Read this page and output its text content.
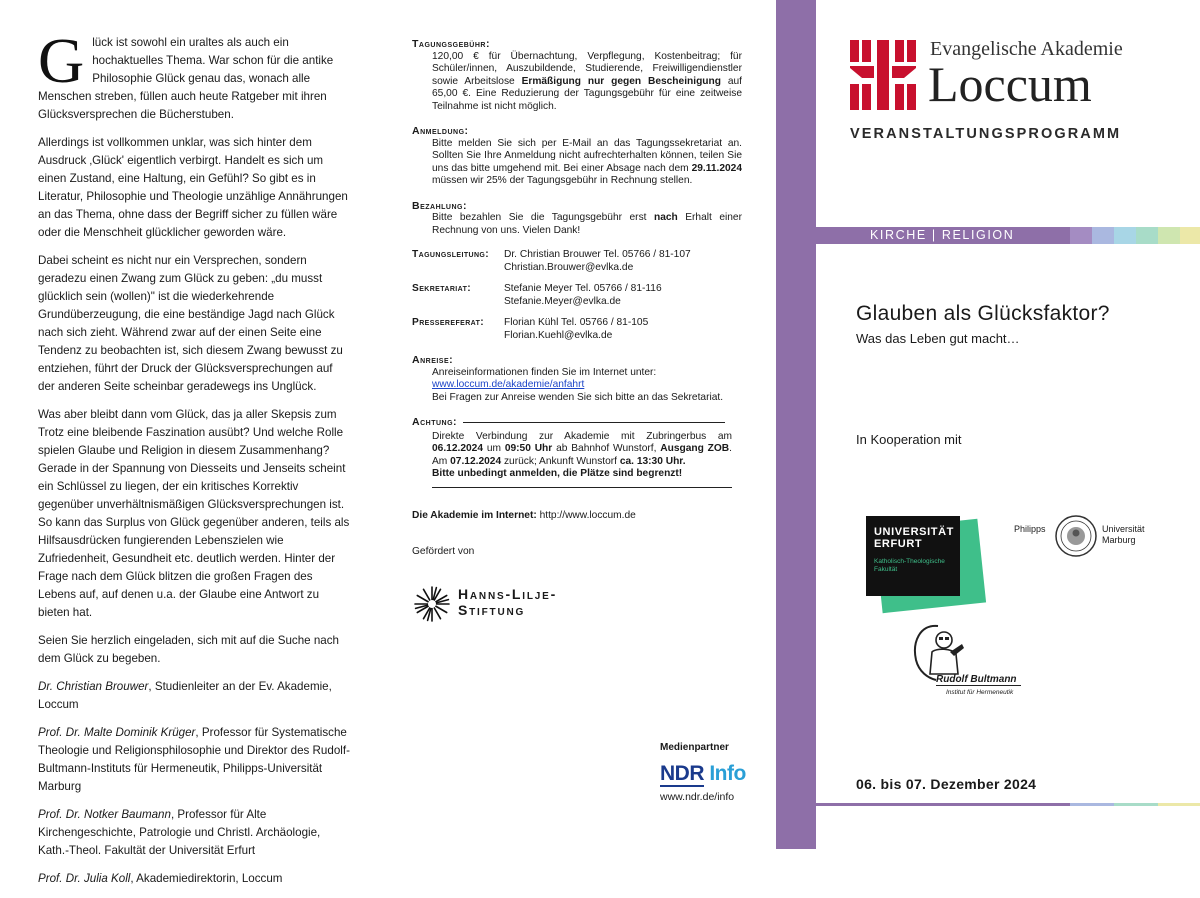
G lück ist sowohl ein uraltes als auch ein hochaktuelles Thema. War schon für die antike Philosophie Glück genau das, wonach alle Menschen streben, füllen auch heute Ratgeber mit ihren Glücksversprechen die Bücherstuben.

Allerdings ist vollkommen unklar, was sich hinter dem Ausdruck ‚Glück' eigentlich verbirgt. Handelt es sich um einen Zustand, eine Haltung, ein Gefühl? So gibt es in Literatur, Philosophie und Theologie unzählige Annährungen an das Thema, ohne dass der Begriff sicher zu füllen wäre oder die Menschheit glücklicher geworden wäre.

Dabei scheint es nicht nur ein Versprechen, sondern geradezu einen Zwang zum Glück zu geben: „du musst glücklich sein (wollen)" ist die wiederkehrende Grundüberzeugung, die eine beständige Jagd nach Glück nach sich zieht. Während zwar auf der einen Seite eine Tendenz zu beobachten ist, sich diesem Zwang bewusst zu entziehen, führt der Druck der Glücksversprechungen auf der anderen Seite scheinbar geradewegs ins Unglück.

Was aber bleibt dann vom Glück, das ja aller Skepsis zum Trotz eine bleibende Faszination ausübt? Und welche Rolle spielen Glaube und Religion in diesem Zusammenhang? Gerade in der Spannung von Diesseits und Jenseits scheint ein Schlüssel zu liegen, der ein kritisches Korrektiv gegenüber unverhältnismäßigen Glücksversprechungen ist. So kann das Surplus von Glück gegenüber anderen, teils als Hilfsausdrücken fungierenden Lebenszielen wie Zufriedenheit, Gesundheit etc. deutlich werden. Hinter der Frage nach dem Glück blitzen die großen Fragen des Lebens auf, auf denen u.a. der Glaube eine Antwort zu bieten hat.

Seien Sie herzlich eingeladen, sich mit auf die Suche nach dem Glück zu begeben.

Dr. Christian Brouwer, Studienleiter an der Ev. Akademie, Loccum

Prof. Dr. Malte Dominik Krüger, Professor für Systematische Theologie und Religionsphilosophie und Direktor des Rudolf-Bultmann-Instituts für Hermeneutik, Philipps-Universität Marburg

Prof. Dr. Notker Baumann, Professor für Alte Kirchengeschichte, Patrologie und Christl. Archäologie, Kath.-Theol. Fakultät der Universität Erfurt

Prof. Dr. Julia Koll, Akademiedirektorin, Loccum

Tagungsgebühr:
120,00 € für Übernachtung, Verpflegung, Kostenbeitrag; für Schüler/innen, Auszubildende, Studierende, Freiwilligendienstler sowie Arbeitslose Ermäßigung nur gegen Bescheinigung auf 65,00 €. Eine Reduzierung der Tagungsgebühr für eine zeitweise Teilnahme ist nicht möglich.
Anmeldung:
Bitte melden Sie sich per E-Mail an das Tagungssekretariat an. Sollten Sie Ihre Anmeldung nicht aufrechterhalten können, teilen Sie uns das bitte umgehend mit. Bei einer Absage nach dem 29.11.2024 müssen wir 25% der Tagungsgebühr in Rechnung stellen.
Bezahlung:
Bitte bezahlen Sie die Tagungsgebühr erst nach Erhalt einer Rechnung von uns. Vielen Dank!
Tagungsleitung:	Dr. Christian Brouwer Tel. 05766 / 81-107
Christian.Brouwer@evlka.de
Sekretariat:	Stefanie Meyer Tel. 05766 / 81-116
Stefanie.Meyer@evlka.de
Pressereferat:	Florian Kühl Tel. 05766 / 81-105
Florian.Kuehl@evlka.de
Anreise:
Anreiseinformationen finden Sie im Internet unter:
www.loccum.de/akademie/anfahrt
Bei Fragen zur Anreise wenden Sie sich bitte an das Sekretariat.
Achtung:
Direkte Verbindung zur Akademie mit Zubringerbus am 06.12.2024 um 09:50 Uhr ab Bahnhof Wunstorf, Ausgang ZOB. Am 07.12.2024 zurück; Ankunft Wunstorf ca. 13:30 Uhr.
Bitte unbedingt anmelden, die Plätze sind begrenzt!
Die Akademie im Internet: http://www.loccum.de
Gefördert von
Hanns-Lilje-
Stiftung
Medienpartner
NDR Info
www.ndr.de/info
Evangelische Akademie
Loccum
VERANSTALTUNGSPROGRAMM
KIRCHE | RELIGION
Glauben als Glücksfaktor?
Was das Leben gut macht…
In Kooperation mit
UNIVERSITÄT
ERFURT
Katholisch-Theologische
Fakultät
Philipps	Universität
Marburg
Rudolf Bultmann
Institut für Hermeneutik
06. bis 07. Dezember 2024
